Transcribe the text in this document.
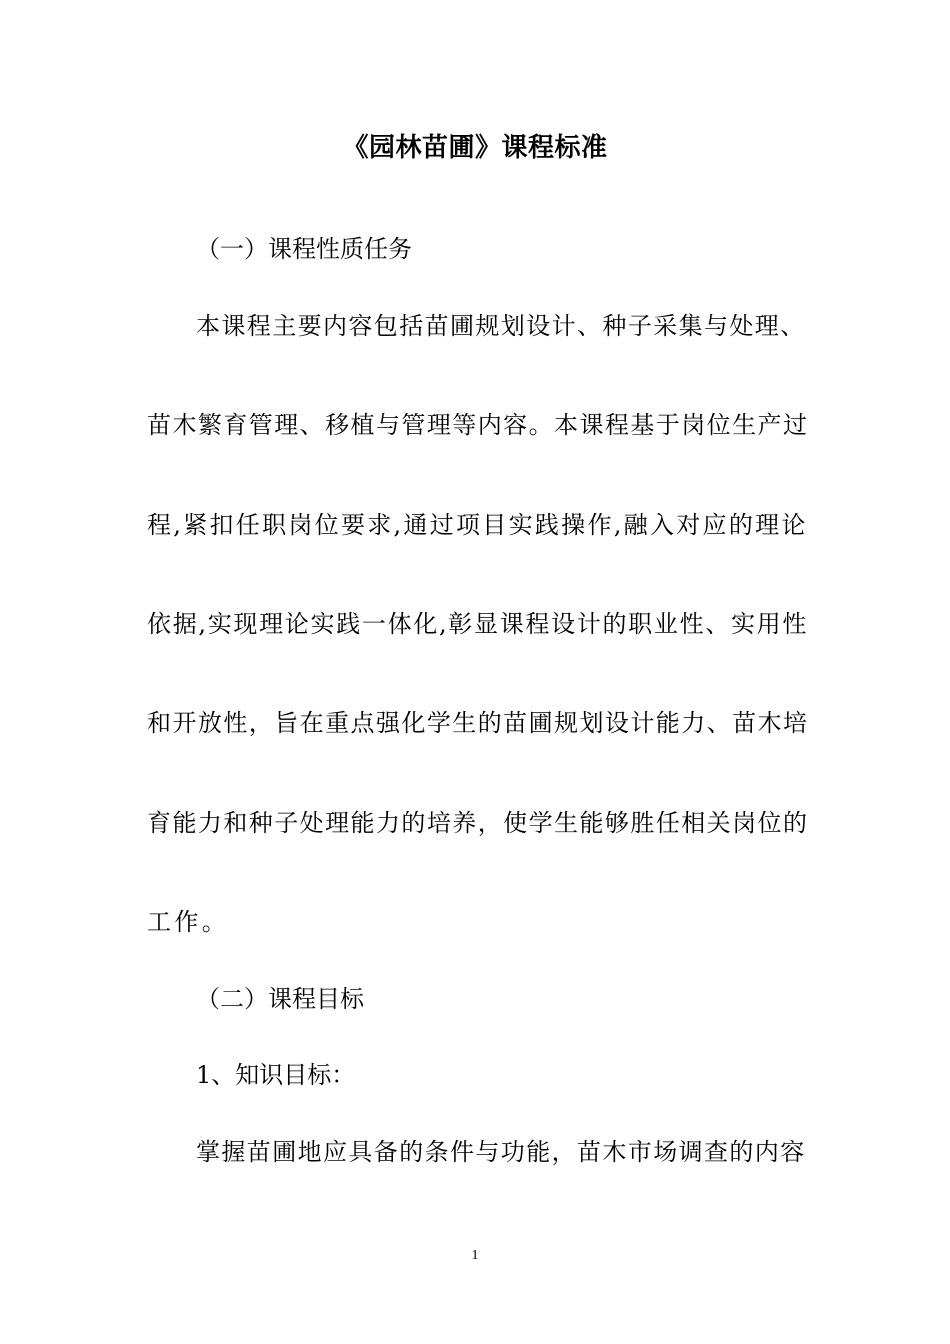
《园林苗圃》课程标准
（一）课程性质任务
本课程主要内容包括苗圃规划设计、种子采集与处理、
苗木繁育管理、移植与管理等内容。本课程基于岗位生产过
程,紧扣任职岗位要求,通过项目实践操作,融入对应的理论
依据,实现理论实践一体化,彰显课程设计的职业性、实用性
和开放性，旨在重点强化学生的苗圃规划设计能力、苗木培
育能力和种子处理能力的培养，使学生能够胜任相关岗位的
工作。
（二）课程目标
1、知识目标：
掌握苗圃地应具备的条件与功能，苗木市场调查的内容
1
